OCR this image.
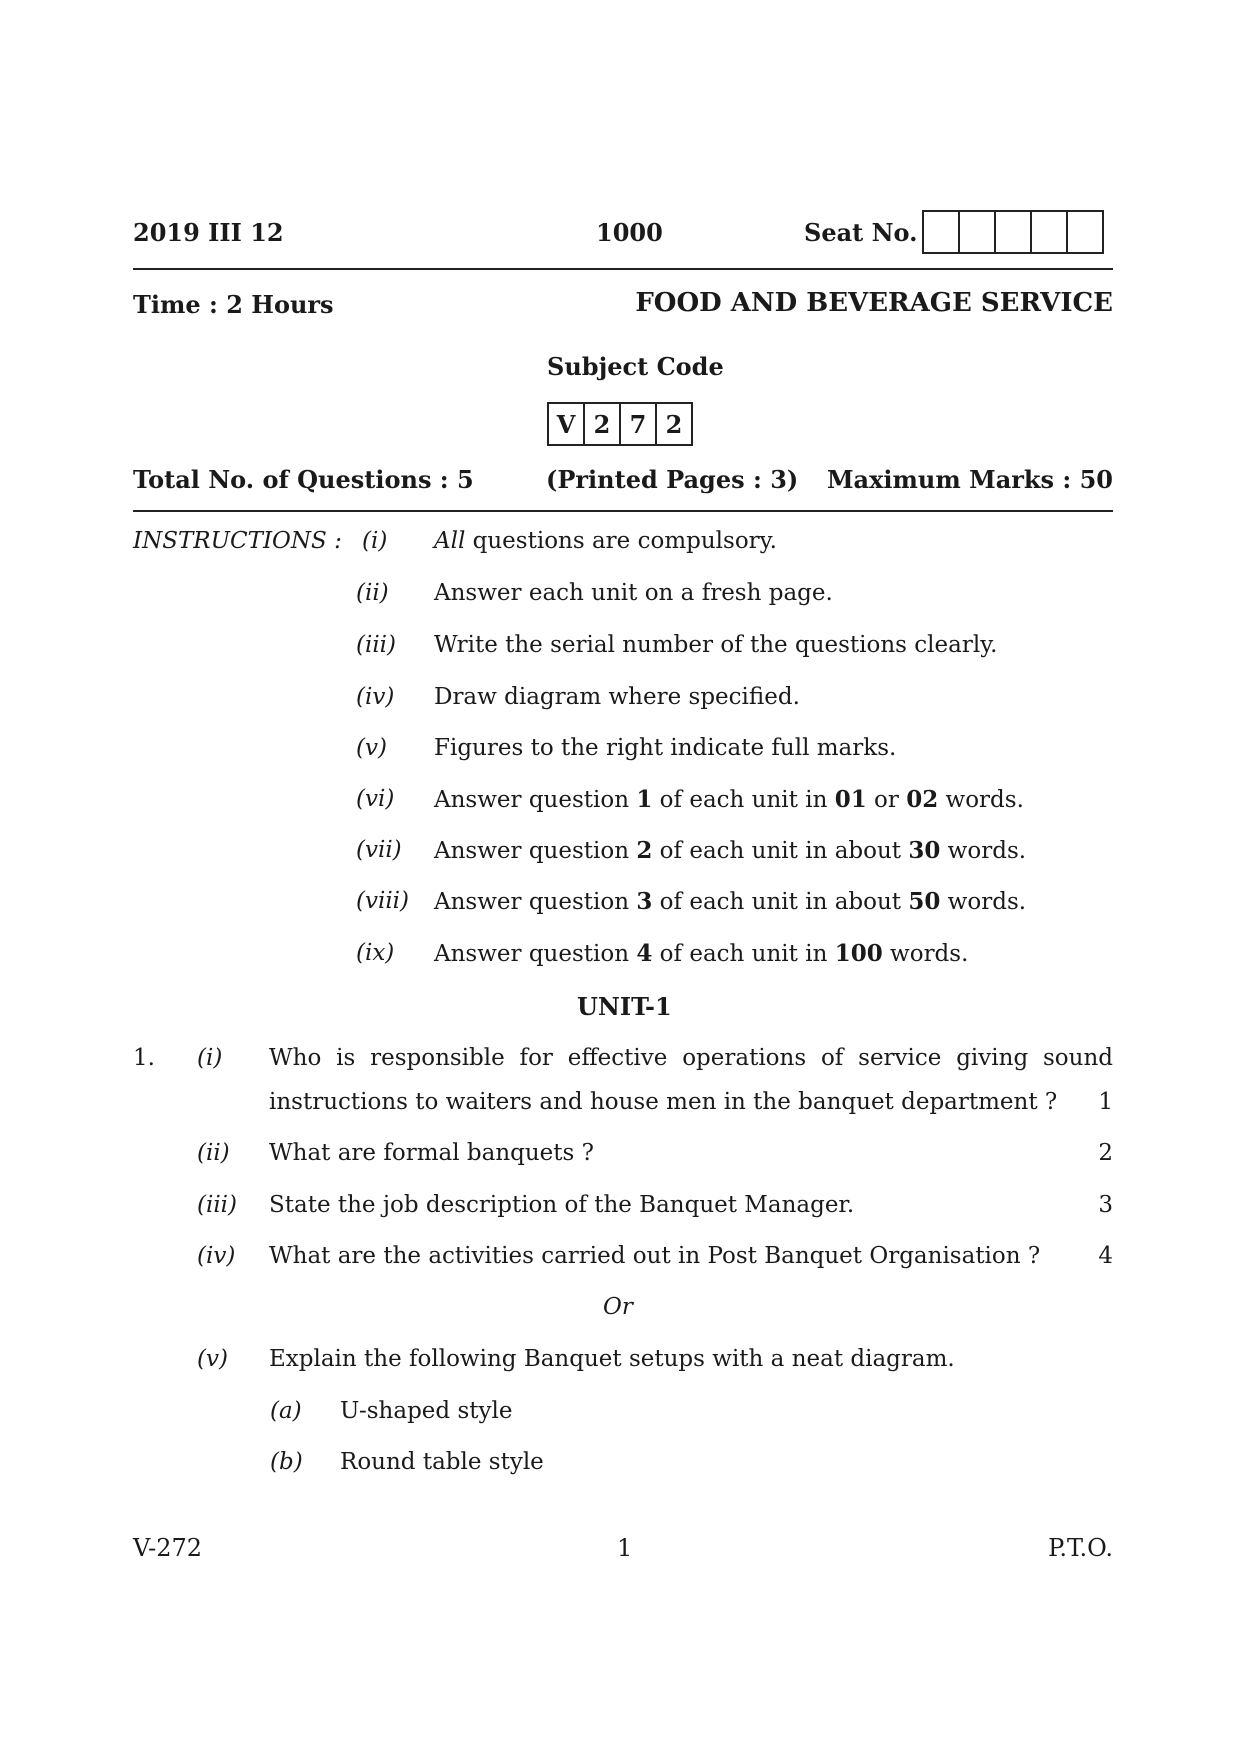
2019 III 12	1000	Seat No.
Time : 2 Hours	FOOD AND BEVERAGE SERVICE
Subject Code
V 2 7 2
Total No. of Questions : 5	(Printed Pages : 3) Maximum Marks : 50
INSTRUCTIONS : (i) All questions are compulsory.
(ii) Answer each unit on a fresh page.
(iii) Write the serial number of the questions clearly.
(iv) Draw diagram where specified.
(v) Figures to the right indicate full marks.
(vi) Answer question 1 of each unit in 01 or 02 words.
(vii) Answer question 2 of each unit in about 30 words.
(viii) Answer question 3 of each unit in about 50 words.
(ix) Answer question 4 of each unit in 100 words.
UNIT-1
1. (i) Who is responsible for effective operations of service giving sound
instructions to waiters and house men in the banquet department ? 1
(ii) What are formal banquets ?	2
(iii) State the job description of the Banquet Manager.	3
(iv) What are the activities carried out in Post Banquet Organisation ?	4
Or
(v) Explain the following Banquet setups with a neat diagram.
(a) U-shaped style
(b) Round table style
V-272	1	P.T.O.
